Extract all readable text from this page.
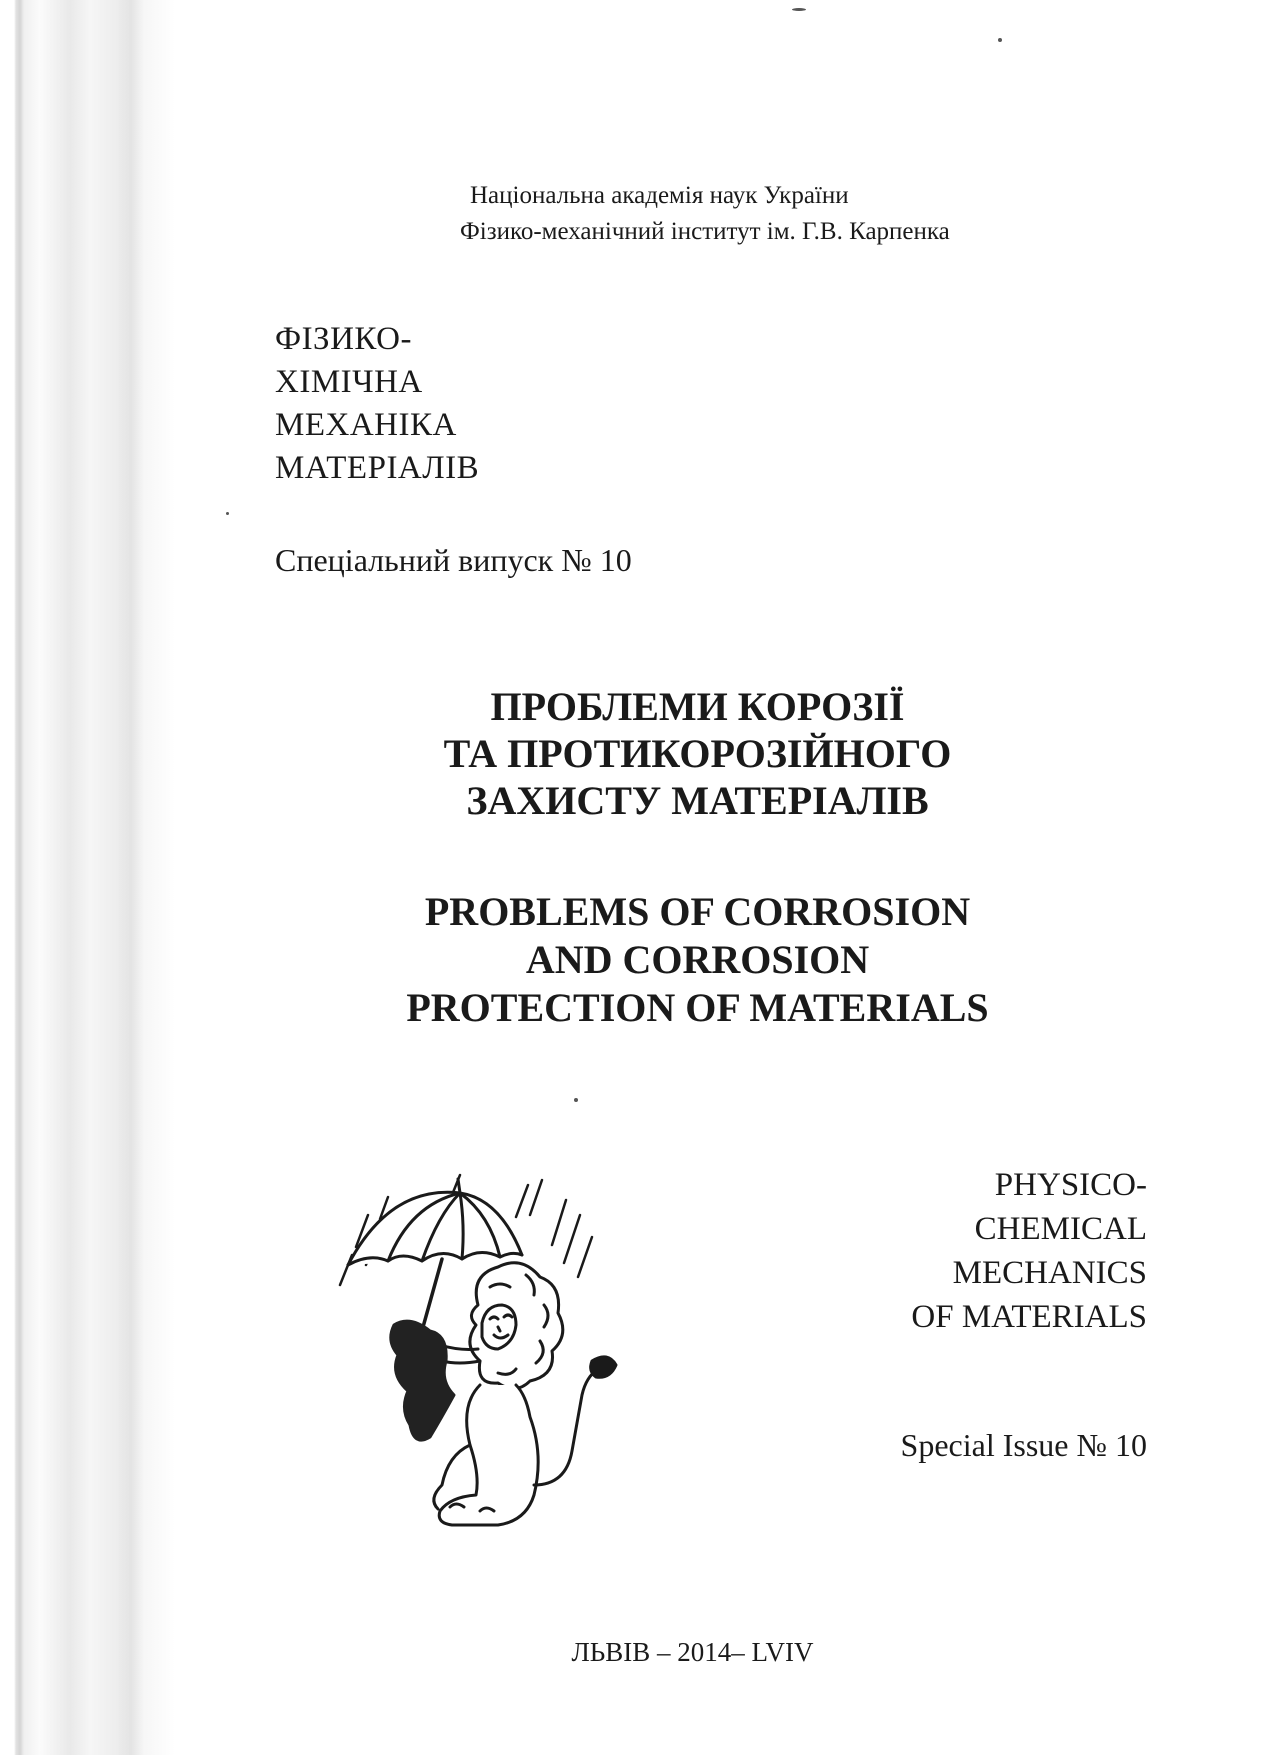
Національна академія наук України
Фізико-механічний інститут ім. Г.В. Карпенка
ФІЗИКО-
ХІМІЧНА
МЕХАНІКА
МАТЕРІАЛІВ
Спеціальний випуск № 10
ПРОБЛЕМИ КОРОЗІЇ
ТА ПРОТИКОРОЗІЙНОГО
ЗАХИСТУ МАТЕРІАЛІВ
PROBLEMS OF CORROSION
AND CORROSION
PROTECTION OF MATERIALS
PHYSICO-
CHEMICAL
MECHANICS
OF MATERIALS
Special Issue № 10
ЛЬВІВ – 2014– LVIV
